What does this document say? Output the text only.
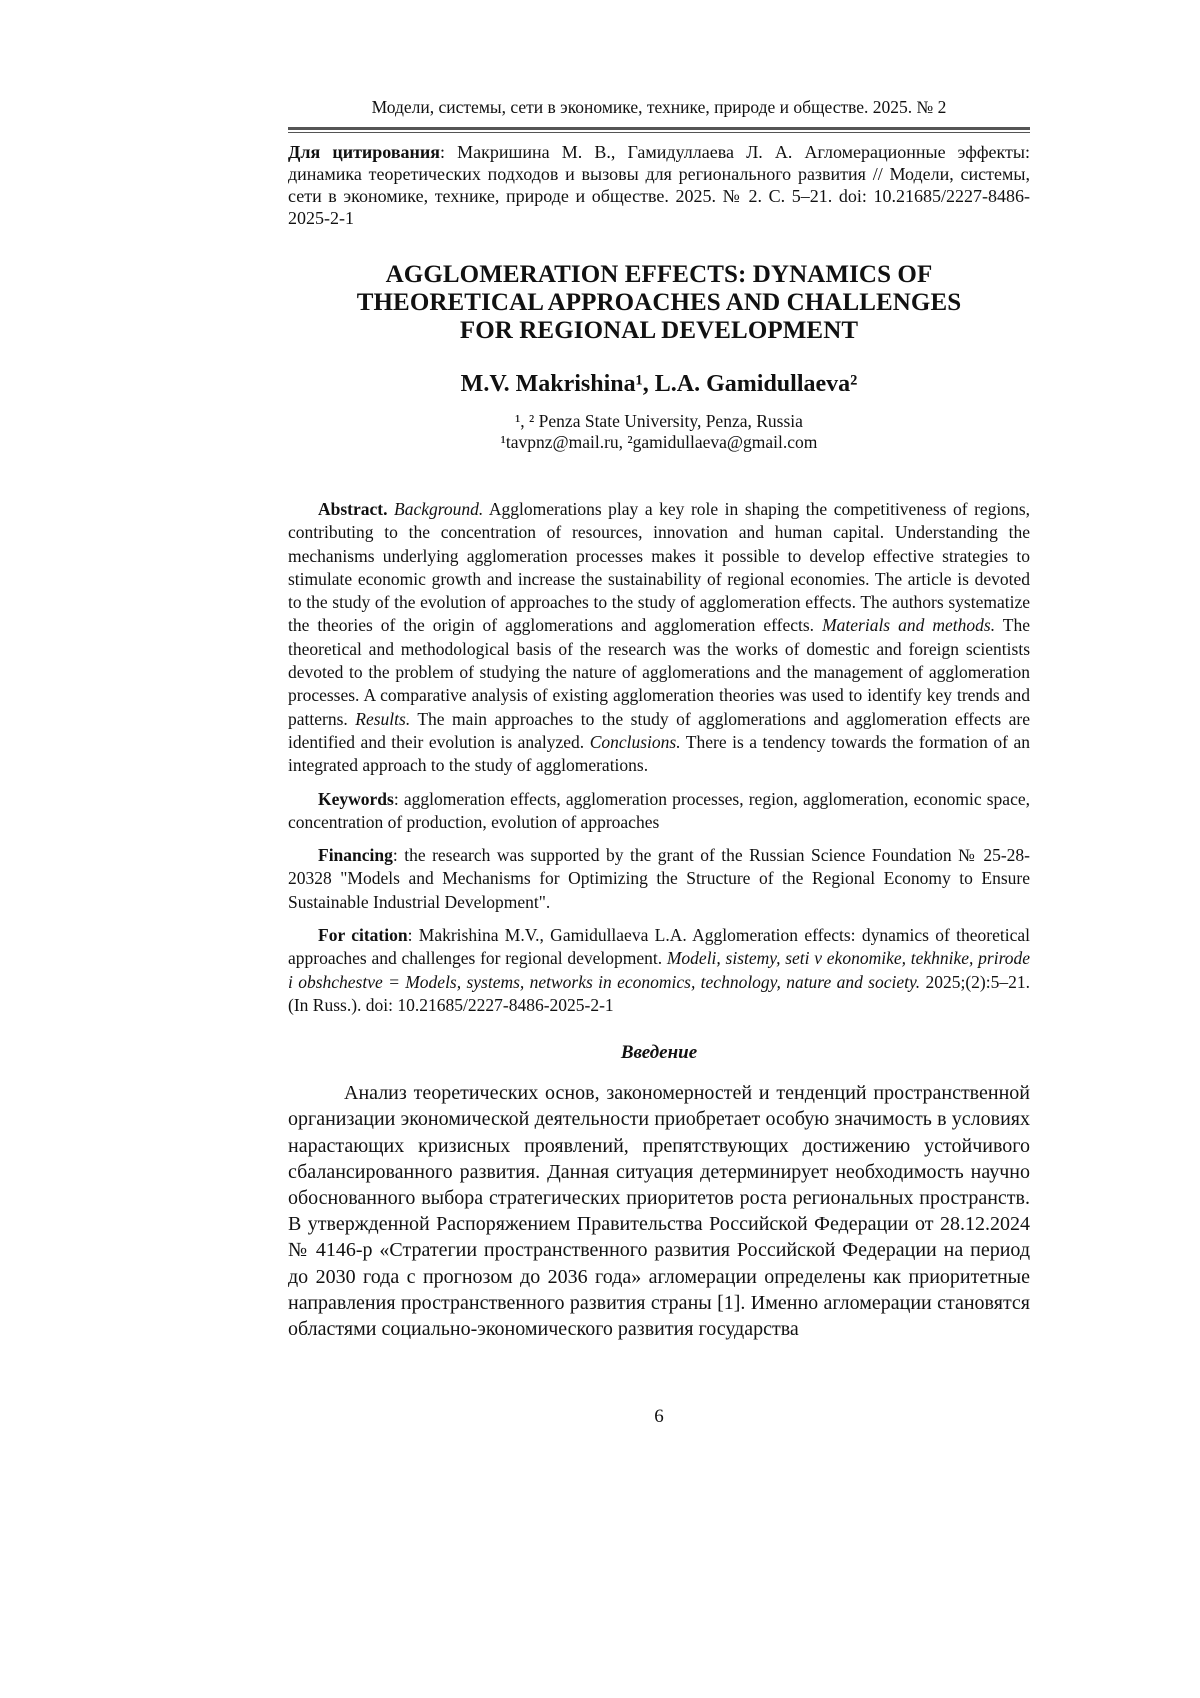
Модели, системы, сети в экономике, технике, природе и обществе. 2025. № 2

Для цитирования: Макришина М. В., Гамидуллаева Л. А. Агломерационные эффекты: динамика теоретических подходов и вызовы для регионального развития // Модели, системы, сети в экономике, технике, природе и обществе. 2025. № 2. С. 5–21. doi: 10.21685/2227-8486-2025-2-1

AGGLOMERATION EFFECTS: DYNAMICS OF
THEORETICAL APPROACHES AND CHALLENGES
FOR REGIONAL DEVELOPMENT
M.V. Makrishina¹, L.A. Gamidullaeva²
¹, ² Penza State University, Penza, Russia
¹tavpnz@mail.ru, ²gamidullaeva@gmail.com

Abstract. Background. Agglomerations play a key role in shaping the competitiveness of regions, contributing to the concentration of resources, innovation and human capital. Understanding the mechanisms underlying agglomeration processes makes it possible to develop effective strategies to stimulate economic growth and increase the sustainability of regional economies. The article is devoted to the study of the evolution of approaches to the study of agglomeration effects. The authors systematize the theories of the origin of agglomerations and agglomeration effects. Materials and methods. The theoretical and methodological basis of the research was the works of domestic and foreign scientists devoted to the problem of studying the nature of agglomerations and the management of agglomeration processes. A comparative analysis of existing agglomeration theories was used to identify key trends and patterns. Results. The main approaches to the study of agglomerations and agglomeration effects are identified and their evolution is analyzed. Conclusions. There is a tendency towards the formation of an integrated approach to the study of agglomerations.

Keywords: agglomeration effects, agglomeration processes, region, agglomeration, economic space, concentration of production, evolution of approaches

Financing: the research was supported by the grant of the Russian Science Foundation № 25-28-20328 "Models and Mechanisms for Optimizing the Structure of the Regional Economy to Ensure Sustainable Industrial Development".

For citation: Makrishina M.V., Gamidullaeva L.A. Agglomeration effects: dynamics of theoretical approaches and challenges for regional development. Modeli, sistemy, seti v ekonomike, tekhnike, prirode i obshchestve = Models, systems, networks in economics, technology, nature and society. 2025;(2):5–21. (In Russ.). doi: 10.21685/2227-8486-2025-2-1

Введение

Анализ теоретических основ, закономерностей и тенденций пространственной организации экономической деятельности приобретает особую значимость в условиях нарастающих кризисных проявлений, препятствующих достижению устойчивого сбалансированного развития. Данная ситуация детерминирует необходимость научно обоснованного выбора стратегических приоритетов роста региональных пространств. В утвержденной Распоряжением Правительства Российской Федерации от 28.12.2024 № 4146-р «Стратегии пространственного развития Российской Федерации на период до 2030 года с прогнозом до 2036 года» агломерации определены как приоритетные направления пространственного развития страны [1]. Именно агломерации становятся областями социально-экономического развития государства

6
